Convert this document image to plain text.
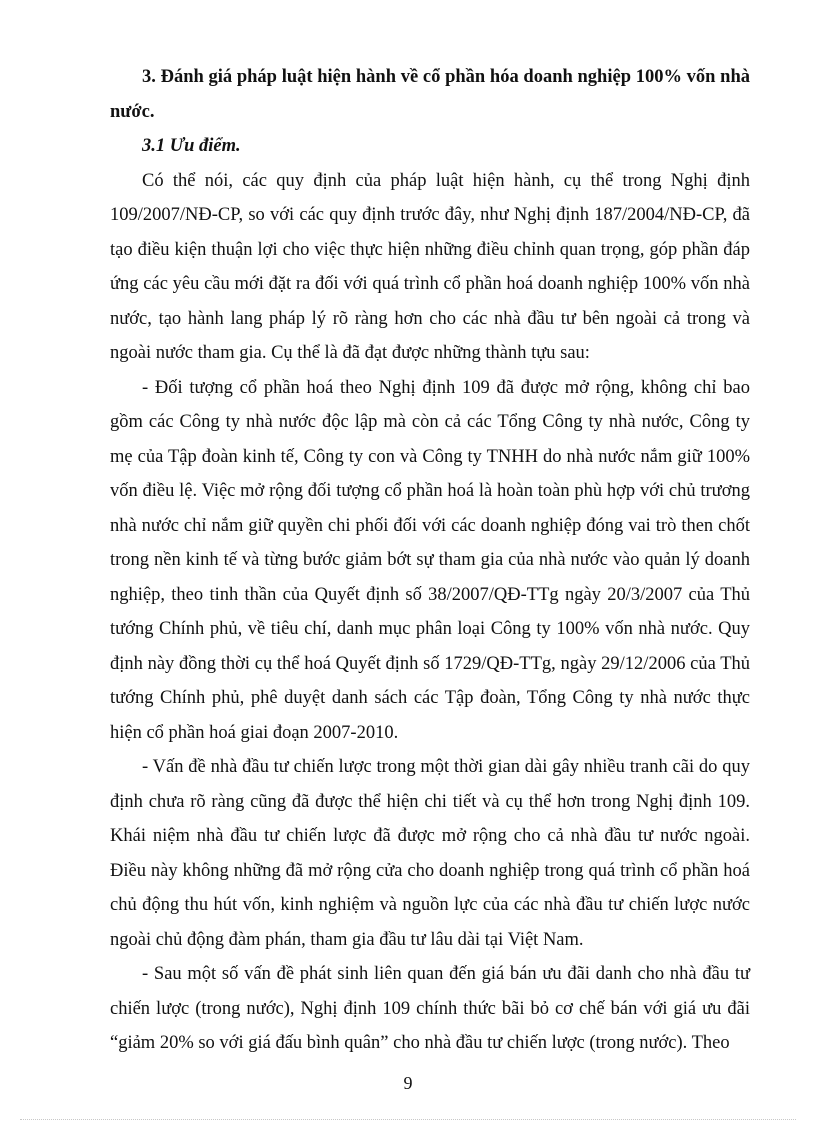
3. Đánh giá pháp luật hiện hành về cổ phần hóa doanh nghiệp 100% vốn nhà nước.

3.1 Ưu điểm.

Có thể nói, các quy định của pháp luật hiện hành, cụ thể trong Nghị định 109/2007/NĐ-CP, so với các quy định trước đây, như Nghị định 187/2004/NĐ-CP, đã tạo điều kiện thuận lợi cho việc thực hiện những điều chỉnh quan trọng, góp phần đáp ứng các yêu cầu mới đặt ra đối với quá trình cổ phần hoá doanh nghiệp 100% vốn nhà nước, tạo hành lang pháp lý rõ ràng hơn cho các nhà đầu tư bên ngoài cả trong và ngoài nước tham gia. Cụ thể là đã đạt được những thành tựu sau:

- Đối tượng cổ phần hoá theo Nghị định 109 đã được mở rộng, không chỉ bao gồm các Công ty nhà nước độc lập mà còn cả các Tổng Công ty nhà nước, Công ty mẹ của Tập đoàn kinh tế, Công ty con và Công ty TNHH do nhà nước nắm giữ 100% vốn điều lệ. Việc mở rộng đối tượng cổ phần hoá là hoàn toàn phù hợp với chủ trương nhà nước chỉ nắm giữ quyền chi phối đối với các doanh nghiệp đóng vai trò then chốt trong nền kinh tế và từng bước giảm bớt sự tham gia của nhà nước vào quản lý doanh nghiệp, theo tinh thần của Quyết định số 38/2007/QĐ-TTg ngày 20/3/2007 của Thủ tướng Chính phủ, về tiêu chí, danh mục phân loại Công ty 100% vốn nhà nước. Quy định này đồng thời cụ thể hoá Quyết định số 1729/QĐ-TTg, ngày 29/12/2006 của Thủ tướng Chính phủ, phê duyệt danh sách các Tập đoàn, Tổng Công ty nhà nước thực hiện cổ phần hoá giai đoạn 2007-2010.

- Vấn đề nhà đầu tư chiến lược trong một thời gian dài gây nhiều tranh cãi do quy định chưa rõ ràng cũng đã được thể hiện chi tiết và cụ thể hơn trong Nghị định 109. Khái niệm nhà đầu tư chiến lược đã được mở rộng cho cả nhà đầu tư nước ngoài. Điều này không những đã mở rộng cửa cho doanh nghiệp trong quá trình cổ phần hoá chủ động thu hút vốn, kinh nghiệm và nguồn lực của các nhà đầu tư chiến lược nước ngoài chủ động đàm phán, tham gia đầu tư lâu dài tại Việt Nam.

- Sau một số vấn đề phát sinh liên quan đến giá bán ưu đãi danh cho nhà đầu tư chiến lược (trong nước), Nghị định 109 chính thức bãi bỏ cơ chế bán với giá ưu đãi “giảm 20% so với giá đấu bình quân” cho nhà đầu tư chiến lược (trong nước). Theo

9
